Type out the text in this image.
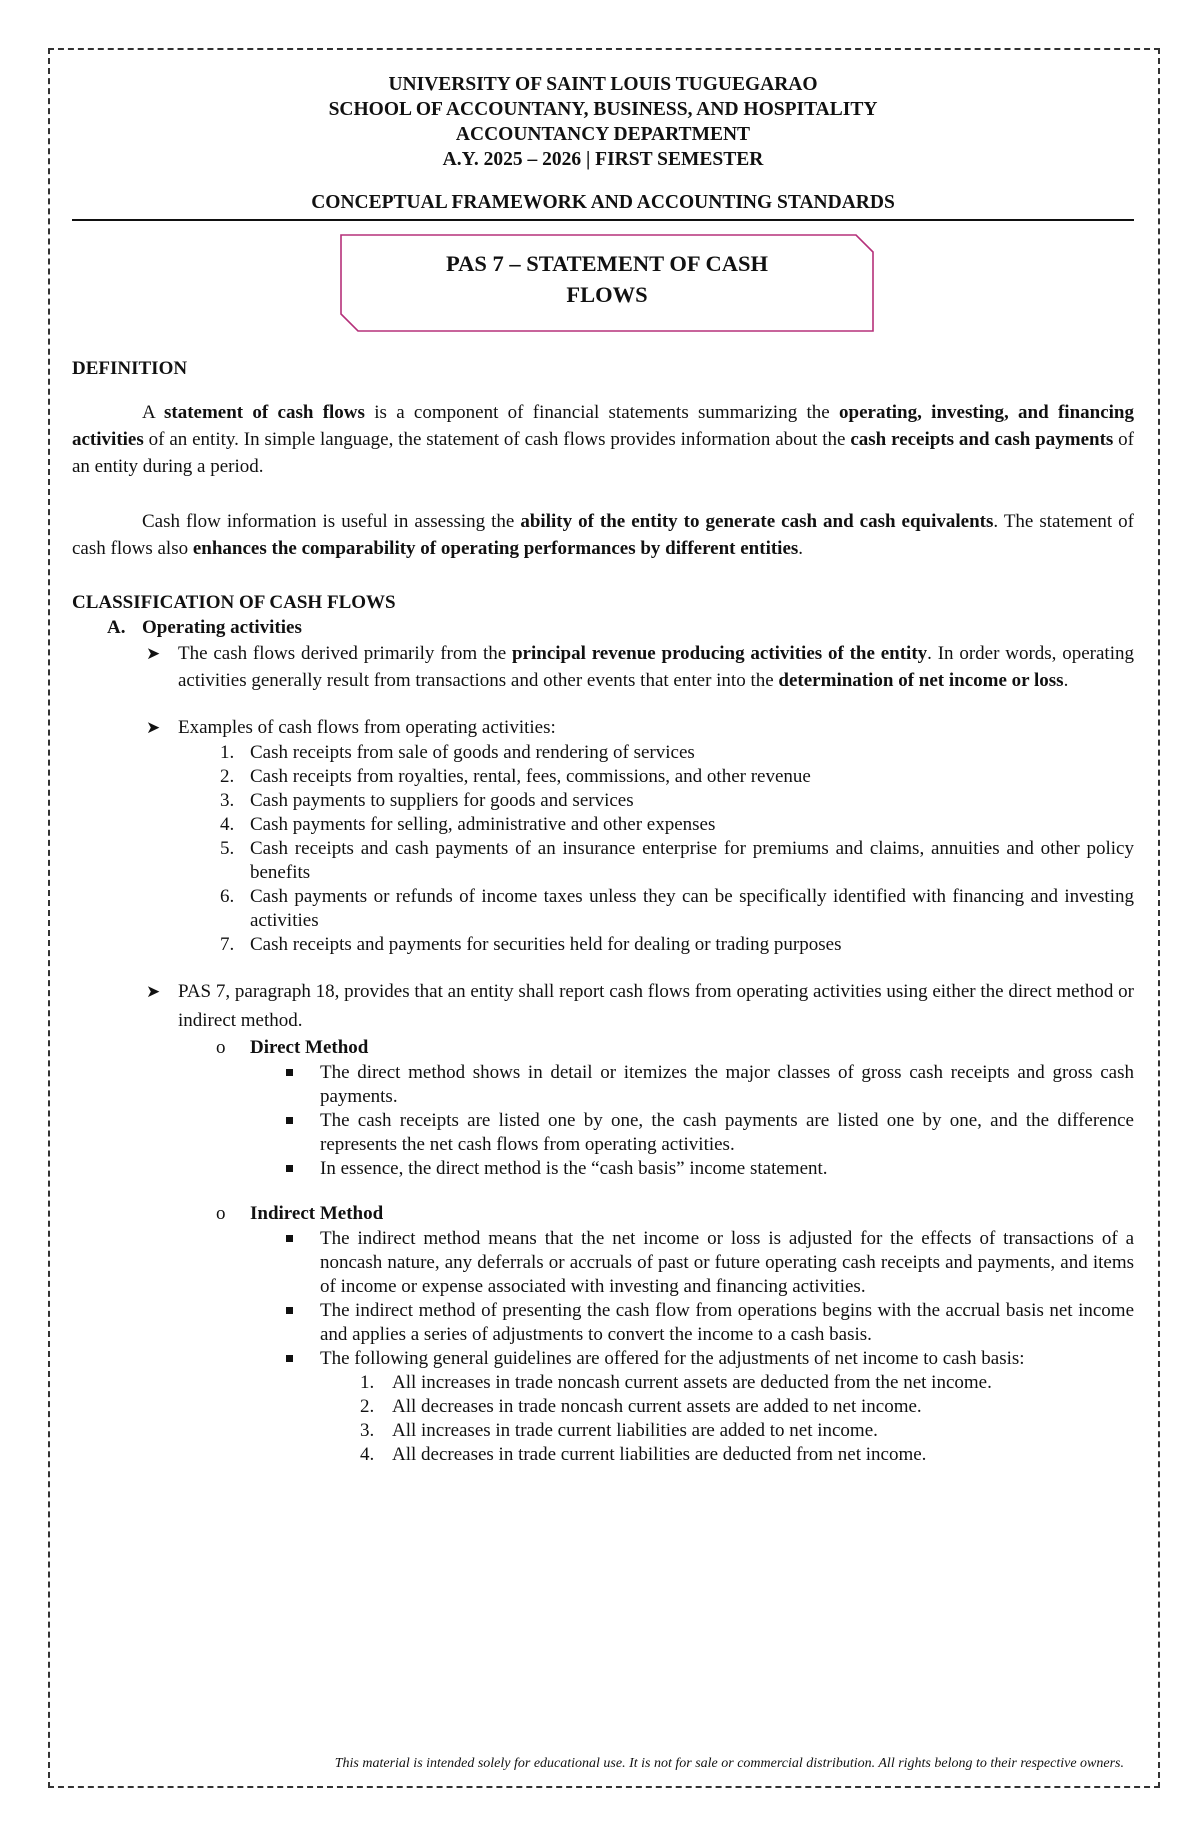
UNIVERSITY OF SAINT LOUIS TUGUEGARAO
SCHOOL OF ACCOUNTANY, BUSINESS, AND HOSPITALITY
ACCOUNTANCY DEPARTMENT
A.Y. 2025 – 2026 | FIRST SEMESTER
CONCEPTUAL FRAMEWORK AND ACCOUNTING STANDARDS
PAS 7 – STATEMENT OF CASH
FLOWS
DEFINITION

A statement of cash flows is a component of financial statements summarizing the operating, investing, and financing activities of an entity. In simple language, the statement of cash flows provides information about the cash receipts and cash payments of an entity during a period.

Cash flow information is useful in assessing the ability of the entity to generate cash and cash equivalents. The statement of cash flows also enhances the comparability of operating performances by different entities.

CLASSIFICATION OF CASH FLOWS
A. Operating activities
➤ The cash flows derived primarily from the principal revenue producing activities of the entity. In order words, operating activities generally result from transactions and other events that enter into the determination of net income or loss.
➤ Examples of cash flows from operating activities:
1. Cash receipts from sale of goods and rendering of services
2. Cash receipts from royalties, rental, fees, commissions, and other revenue
3. Cash payments to suppliers for goods and services
4. Cash payments for selling, administrative and other expenses
5. Cash receipts and cash payments of an insurance enterprise for premiums and claims, annuities and other policy benefits
6. Cash payments or refunds of income taxes unless they can be specifically identified with financing and investing activities
7. Cash receipts and payments for securities held for dealing or trading purposes
➤ PAS 7, paragraph 18, provides that an entity shall report cash flows from operating activities using either the direct method or indirect method.
o Direct Method
The direct method shows in detail or itemizes the major classes of gross cash receipts and gross cash payments.
The cash receipts are listed one by one, the cash payments are listed one by one, and the difference represents the net cash flows from operating activities.
In essence, the direct method is the “cash basis” income statement.
o Indirect Method
The indirect method means that the net income or loss is adjusted for the effects of transactions of a noncash nature, any deferrals or accruals of past or future operating cash receipts and payments, and items of income or expense associated with investing and financing activities.
The indirect method of presenting the cash flow from operations begins with the accrual basis net income and applies a series of adjustments to convert the income to a cash basis.
The following general guidelines are offered for the adjustments of net income to cash basis:
1. All increases in trade noncash current assets are deducted from the net income.
2. All decreases in trade noncash current assets are added to net income.
3. All increases in trade current liabilities are added to net income.
4. All decreases in trade current liabilities are deducted from net income.
This material is intended solely for educational use. It is not for sale or commercial distribution. All rights belong to their respective owners.
